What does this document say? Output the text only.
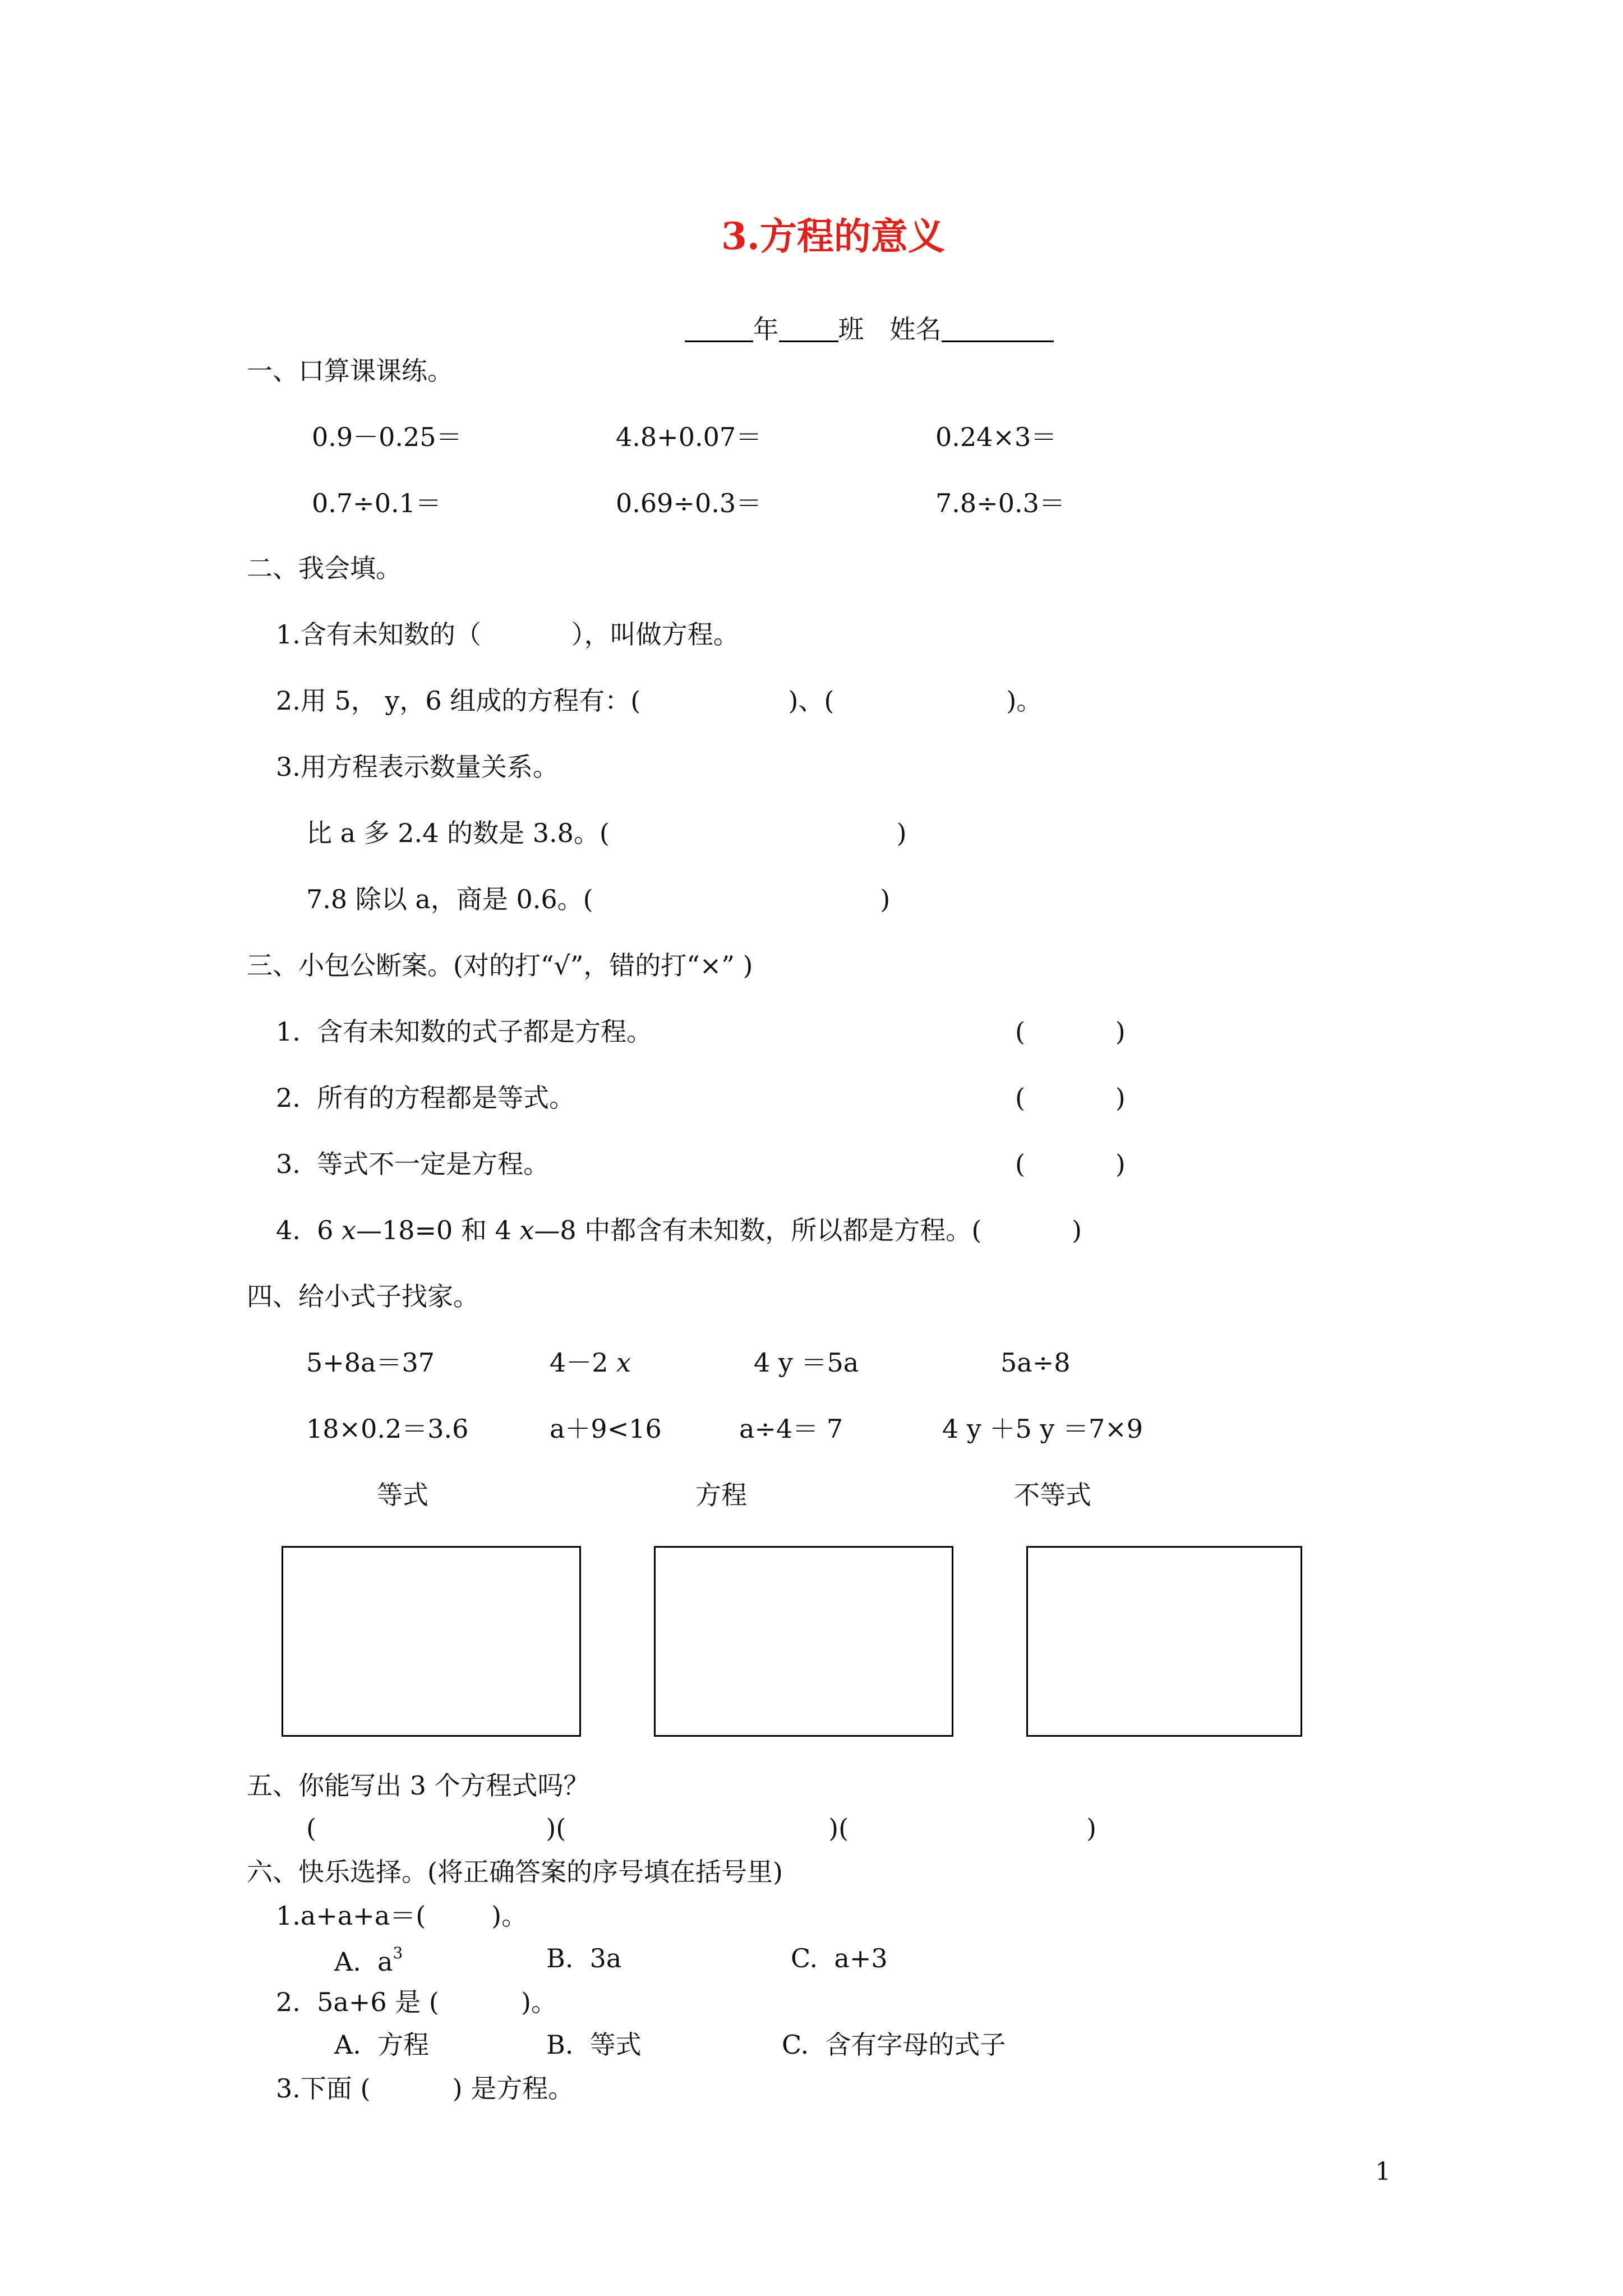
3.方程的意义

年 班 姓名

一、口算课课练。
0.9－0.25＝	4.8+0.07＝	0.24×3＝
0.7÷0.1＝	0.69÷0.3＝	7.8÷0.3＝
二、我会填。
1.含有未知数的（           ），叫做方程。
2.用 5， y，6 组成的方程有：(                  )、(                     )。
3.用方程表示数量关系。
比 a 多 2.4 的数是 3.8。(                                   )
7.8 除以 a，商是 0.6。(                                   )
三、小包公断案。(对的打“√”，错的打“×” )
1.  含有未知数的式子都是方程。	(           )
2.  所有的方程都是等式。	(           )
3.  等式不一定是方程。	(           )
4.  6 x—18=0 和 4 x—8 中都含有未知数，所以都是方程。(           )
四、给小式子找家。
5+8a＝37	4－2 x	4 y ＝5a	5a÷8
18×0.2＝3.6	a＋9<16	a÷4＝ 7	4 y ＋5 y ＝7×9
等式	方程	不等式
五、你能写出 3 个方程式吗？
(                            )(                                )(                             )
六、快乐选择。(将正确答案的序号填在括号里)
1.a+a+a＝(        )。
A.  $a^3$	B.  3a	C.  a+3
2.  5a+6 是 (          )。
A.  方程	B.  等式	C.  含有字母的式子
3.下面 (          ) 是方程。
1
